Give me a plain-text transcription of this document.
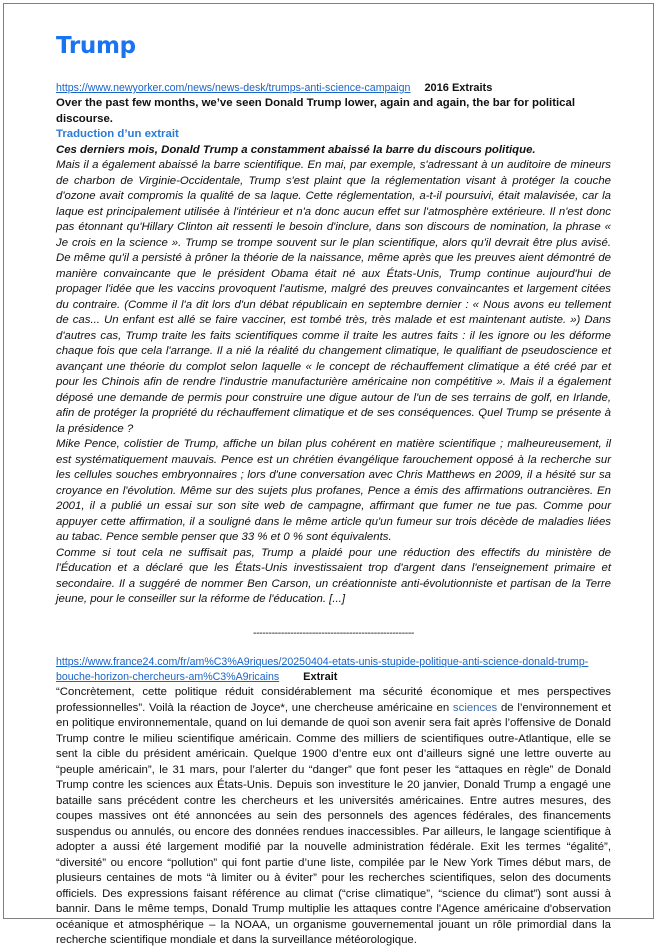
Trump
https://www.newyorker.com/news/news-desk/trumps-anti-science-campaign 2016 Extraits

Over the past few months, we’ve seen Donald Trump lower, again and again, the bar for political discourse.

Traduction d’un extrait

Ces derniers mois, Donald Trump a constamment abaissé la barre du discours politique.

Mais il a également abaissé la barre scientifique. En mai, par exemple, s'adressant à un auditoire de mineurs de charbon de Virginie-Occidentale, Trump s'est plaint que la réglementation visant à protéger la couche d'ozone avait compromis la qualité de sa laque. Cette réglementation, a-t-il poursuivi, était malavisée, car la laque est principalement utilisée à l'intérieur et n'a donc aucun effet sur l'atmosphère extérieure. Il n'est donc pas étonnant qu'Hillary Clinton ait ressenti le besoin d'inclure, dans son discours de nomination, la phrase « Je crois en la science ». Trump se trompe souvent sur le plan scientifique, alors qu'il devrait être plus avisé. De même qu'il a persisté à prôner la théorie de la naissance, même après que les preuves aient démontré de manière convaincante que le président Obama était né aux États-Unis, Trump continue aujourd'hui de propager l'idée que les vaccins provoquent l'autisme, malgré des preuves convaincantes et largement citées du contraire. (Comme il l'a dit lors d'un débat républicain en septembre dernier : « Nous avons eu tellement de cas... Un enfant est allé se faire vacciner, est tombé très, très malade et est maintenant autiste. ») Dans d'autres cas, Trump traite les faits scientifiques comme il traite les autres faits : il les ignore ou les déforme chaque fois que cela l'arrange. Il a nié la réalité du changement climatique, le qualifiant de pseudoscience et avançant une théorie du complot selon laquelle « le concept de réchauffement climatique a été créé par et pour les Chinois afin de rendre l'industrie manufacturière américaine non compétitive ». Mais il a également déposé une demande de permis pour construire une digue autour de l'un de ses terrains de golf, en Irlande, afin de protéger la propriété du réchauffement climatique et de ses conséquences. Quel Trump se présente à la présidence ?

Mike Pence, colistier de Trump, affiche un bilan plus cohérent en matière scientifique ; malheureusement, il est systématiquement mauvais. Pence est un chrétien évangélique farouchement opposé à la recherche sur les cellules souches embryonnaires ; lors d'une conversation avec Chris Matthews en 2009, il a hésité sur sa croyance en l'évolution. Même sur des sujets plus profanes, Pence a émis des affirmations outrancières. En 2001, il a publié un essai sur son site web de campagne, affirmant que fumer ne tue pas. Comme pour appuyer cette affirmation, il a souligné dans le même article qu'un fumeur sur trois décède de maladies liées au tabac. Pence semble penser que 33 % et 0 % sont équivalents.

Comme si tout cela ne suffisait pas, Trump a plaidé pour une réduction des effectifs du ministère de l'Éducation et a déclaré que les États-Unis investissaient trop d'argent dans l'enseignement primaire et secondaire. Il a suggéré de nommer Ben Carson, un créationniste anti-évolutionniste et partisan de la Terre jeune, pour le conseiller sur la réforme de l'éducation. [...]

----------------------------------------------------
https://www.france24.com/fr/am%C3%A9riques/20250404-etats-unis-stupide-politique-anti-science-donald-trump-
bouche-horizon-chercheurs-am%C3%A9ricains Extrait

“Concrètement, cette politique réduit considérablement ma sécurité économique et mes perspectives professionnelles”. Voilà la réaction de Joyce*, une chercheuse américaine en sciences de l’environnement et en politique environnementale, quand on lui demande de quoi son avenir sera fait après l’offensive de Donald Trump contre le milieu scientifique américain. Comme des milliers de scientifiques outre-Atlantique, elle se sent la cible du président américain. Quelque 1900 d’entre eux ont d’ailleurs signé une lettre ouverte au “peuple américain”, le 31 mars, pour l’alerter du “danger” que font peser les “attaques en règle” de Donald Trump contre les sciences aux États-Unis. Depuis son investiture le 20 janvier, Donald Trump a engagé une bataille sans précédent contre les chercheurs et les universités américaines. Entre autres mesures, des coupes massives ont été annoncées au sein des personnels des agences fédérales, des financements suspendus ou annulés, ou encore des données rendues inaccessibles. Par ailleurs, le langage scientifique à adopter a aussi été largement modifié par la nouvelle administration fédérale. Exit les termes “égalité”, “diversité” ou encore “pollution” qui font partie d’une liste, compilée par le New York Times début mars, de plusieurs centaines de mots “à limiter ou à éviter” pour les recherches scientifiques, selon des documents officiels. Des expressions faisant référence au climat (“crise climatique”, “science du climat”) sont aussi à bannir. Dans le même temps, Donald Trump multiplie les attaques contre l'Agence américaine d'observation océanique et atmosphérique – la NOAA, un organisme gouvernemental jouant un rôle primordial dans la recherche scientifique mondiale et dans la surveillance météorologique.
